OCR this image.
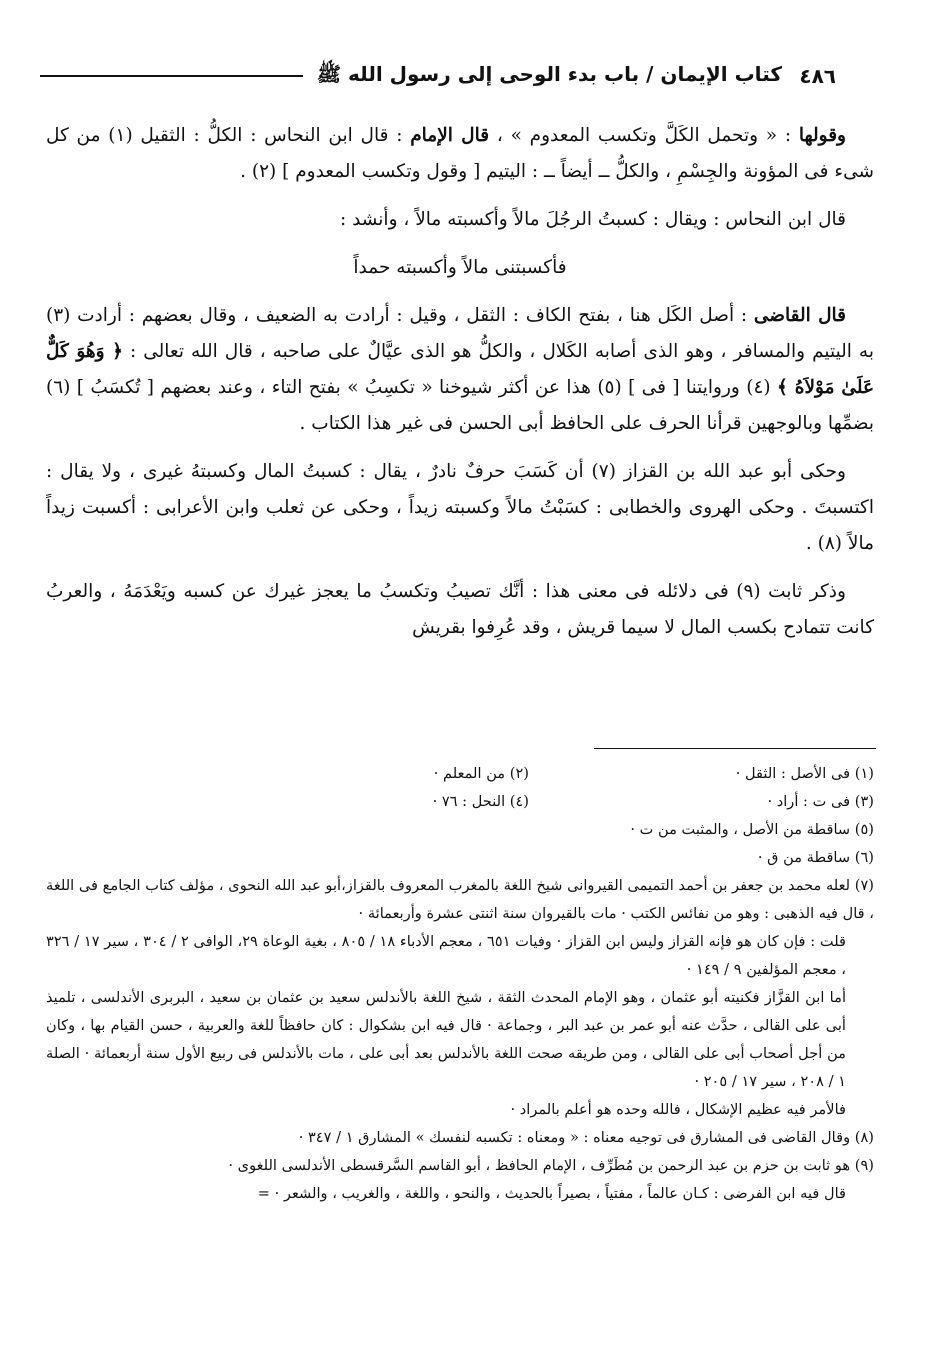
٤٨٦
كتاب الإيمان / باب بدء الوحى إلى رسول الله ﷺ

وقولها : « وتحمل الكَلَّ وتكسب المعدوم » ، قال الإمام : قال ابن النحاس : الكلُّ : الثقيل (١) من كل شىء فى المؤونة والجِسْمِ ، والكلُّ ــ أيضاً ــ : اليتيم [ وقول وتكسب المعدوم ] (٢) .

قال ابن النحاس : ويقال : كسبتُ الرجُلَ مالاً وأكسبته مالاً ، وأنشد :

فأكسبتنى مالاً وأكسبته حمداً

قال القاضى : أصل الكَل هنا ، بفتح الكاف : الثقل ، وقيل : أرادت به الضعيف ، وقال بعضهم : أرادت (٣) به اليتيم والمسافر ، وهو الذى أصابه الكَلال ، والكلُّ هو الذى عيَّالٌ على صاحبه ، قال الله تعالى : ﴿ وَهُوَ كَلٌّ عَلَىٰ مَوْلاَهُ ﴾ (٤) وروايتنا [ فى ] (٥) هذا عن أكثر شيوخنا « تكسِبُ » بفتح التاء ، وعند بعضهم [ تُكسَبُ ] (٦) بضمِّها وبالوجهين قرأنا الحرف على الحافظ أبى الحسن فى غير هذا الكتاب .

وحكى أبو عبد الله بن القزاز (٧) أن كَسَبَ حرفٌ نادرٌ ، يقال : كسبتُ المال وكسبتهُ غيرى ، ولا يقال : اكتسبتَ . وحكى الهروى والخطابى : كسَبْتُ مالاً وكسبته زيداً ، وحكى عن ثعلب وابن الأعرابى : أكسبت زيداً مالاً (٨) .

وذكر ثابت (٩) فى دلائله فى معنى هذا : أنَّك تصيبُ وتكسبُ ما يعجز غيرك عن كسبه ويَعْدَمَهُ ، والعربُ كانت تتمادح بكسب المال لا سيما قريش ، وقد عُرِفوا بقريش

(١) فى الأصل : الثقل ·
(٢) من المعلم ·
(٣) فى ت : أراد ·
(٤) النحل : ٧٦ ·

(٥) ساقطة من الأصل ، والمثبت من ت ·

(٦) ساقطة من ق ·

(٧) لعله محمد بن جعفر بن أحمد التميمى القيروانى شيخ اللغة بالمغرب المعروف بالقزاز،أبو عبد الله النحوى ، مؤلف كتاب الجامع فى اللغة ، قال فيه الذهبى : وهو من نفائس الكتب · مات بالقيروان سنة اثنتى عشرة وأربعمائة ·

قلت : فإن كان هو فإنه القزاز وليس ابن القزاز · وفيات ٦٥١ ، معجم الأدباء ١٨ / ٨٠٥ ، بغية الوعاة ٢٩، الوافى ٢ / ٣٠٤ ، سير ١٧ / ٣٢٦ ، معجم المؤلفين ٩ / ١٤٩ ·

أما ابن القزَّاز فكنيته أبو عثمان ، وهو الإمام المحدث الثقة ، شيخ اللغة بالأندلس سعيد بن عثمان بن سعيد ، البربرى الأندلسى ، تلميذ أبى على القالى ، حدَّث عنه أبو عمر بن عبد البر ، وجماعة · قال فيه ابن بشكوال : كان حافظاً للغة والعربية ، حسن القيام بها ، وكان من أجل أصحاب أبى على القالى ، ومن طريقه صحت اللغة بالأندلس بعد أبى على ، مات بالأندلس فى ربيع الأول سنة أربعمائة · الصلة ١ / ٢٠٨ ، سير ١٧ / ٢٠٥ ·

فالأمر فيه عظيم الإشكال ، فالله وحده هو أعلم بالمراد ·

(٨) وقال القاضى فى المشارق فى توجيه معناه : « ومعناه : تكسبه لنفسك » المشارق ١ / ٣٤٧ ·

(٩) هو ثابت بن حزم بن عبد الرحمن بن مُطَرِّف ، الإمام الحافظ ، أبو القاسم السَّرقسطى الأندلسى اللغوى ·

قال فيه ابن الفرضى : كـان عالماً ، مفتياً ، بصيراً بالحديث ، والنحو ، واللغة ، والغريب ، والشعر · =
